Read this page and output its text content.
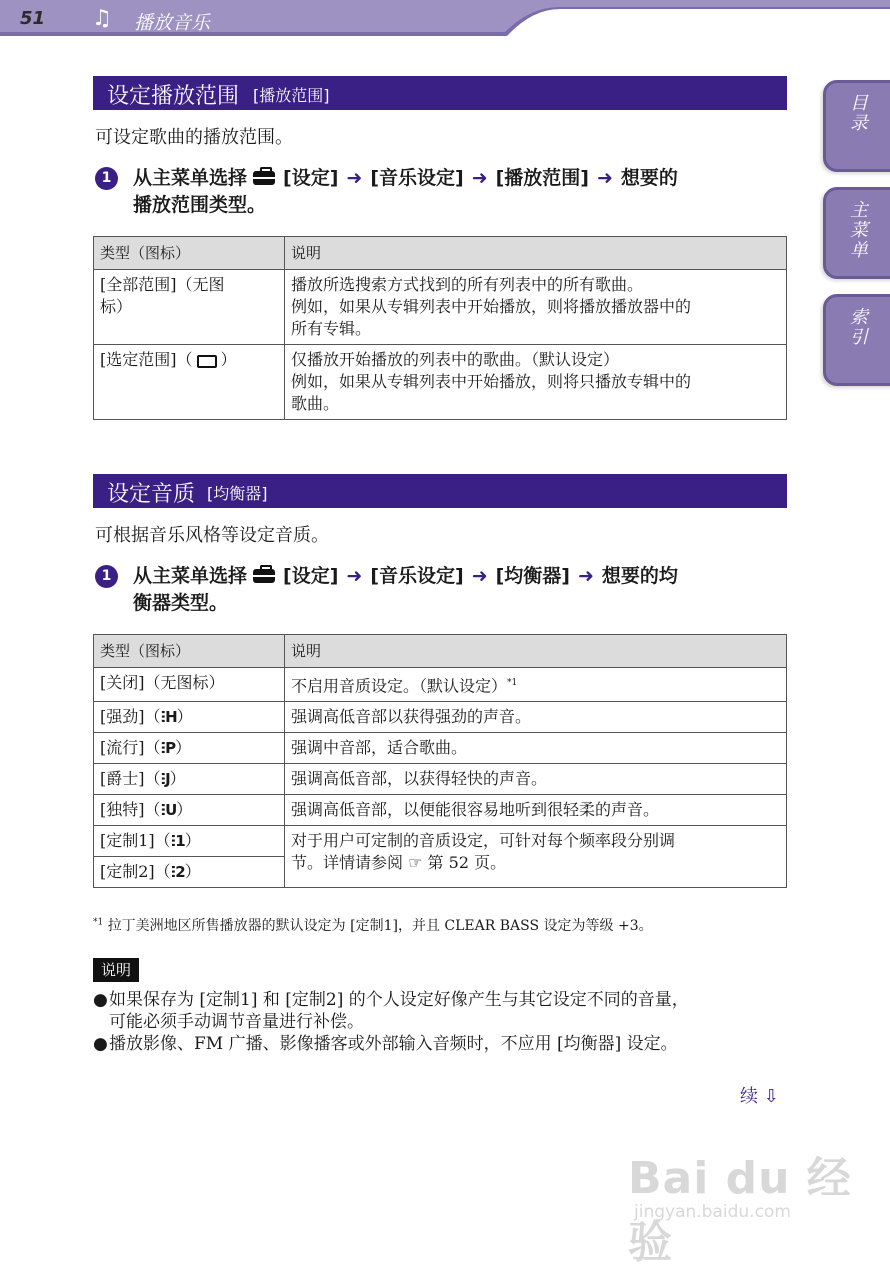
51 ♫ 播放音乐
目录
主菜单
索引
设定播放范围 [播放范围]
可设定歌曲的播放范围。
1	从主菜单选择 [设定] ➜ [音乐设定] ➜ [播放范围] ➜ 想要的
播放范围类型。
类型（图标）	说明
[全部范围]（无图
标）	播放所选搜索方式找到的所有列表中的所有歌曲。
例如，如果从专辑列表中开始播放，则将播放播放器中的
所有专辑。
[选定范围]（ ）	仅播放开始播放的列表中的歌曲。（默认设定）
例如，如果从专辑列表中开始播放，则将只播放专辑中的
歌曲。
设定音质 [均衡器]
可根据音乐风格等设定音质。
1	从主菜单选择 [设定] ➜ [音乐设定] ➜ [均衡器] ➜ 想要的均
衡器类型。
类型（图标）	说明
[关闭]（无图标）	不启用音质设定。（默认设定）$^{*1}$
[强劲]（ⵗH）	强调高低音部以获得强劲的声音。
[流行]（ⵗP）	强调中音部，适合歌曲。
[爵士]（ⵗJ）	强调高低音部，以获得轻快的声音。
[独特]（ⵗU）	强调高低音部，以便能很容易地听到很轻柔的声音。
[定制1]（ⵗ1）	对于用户可定制的音质设定，可针对每个频率段分别调
节。详情请参阅 ☞ 第 52 页。
[定制2]（ⵗ2）	
$^{*1}$ 拉丁美洲地区所售播放器的默认设定为 [定制1]，并且 CLEAR BASS 设定为等级 +3。
说明
● 如果保存为 [定制1] 和 [定制2] 的个人设定好像产生与其它设定不同的音量，
可能必须手动调节音量进行补偿。
● 播放影像、FM 广播、影像播客或外部输入音频时，不应用 [均衡器] 设定。
续 ⇩
Bai du 经验
jingyan.baidu.com
